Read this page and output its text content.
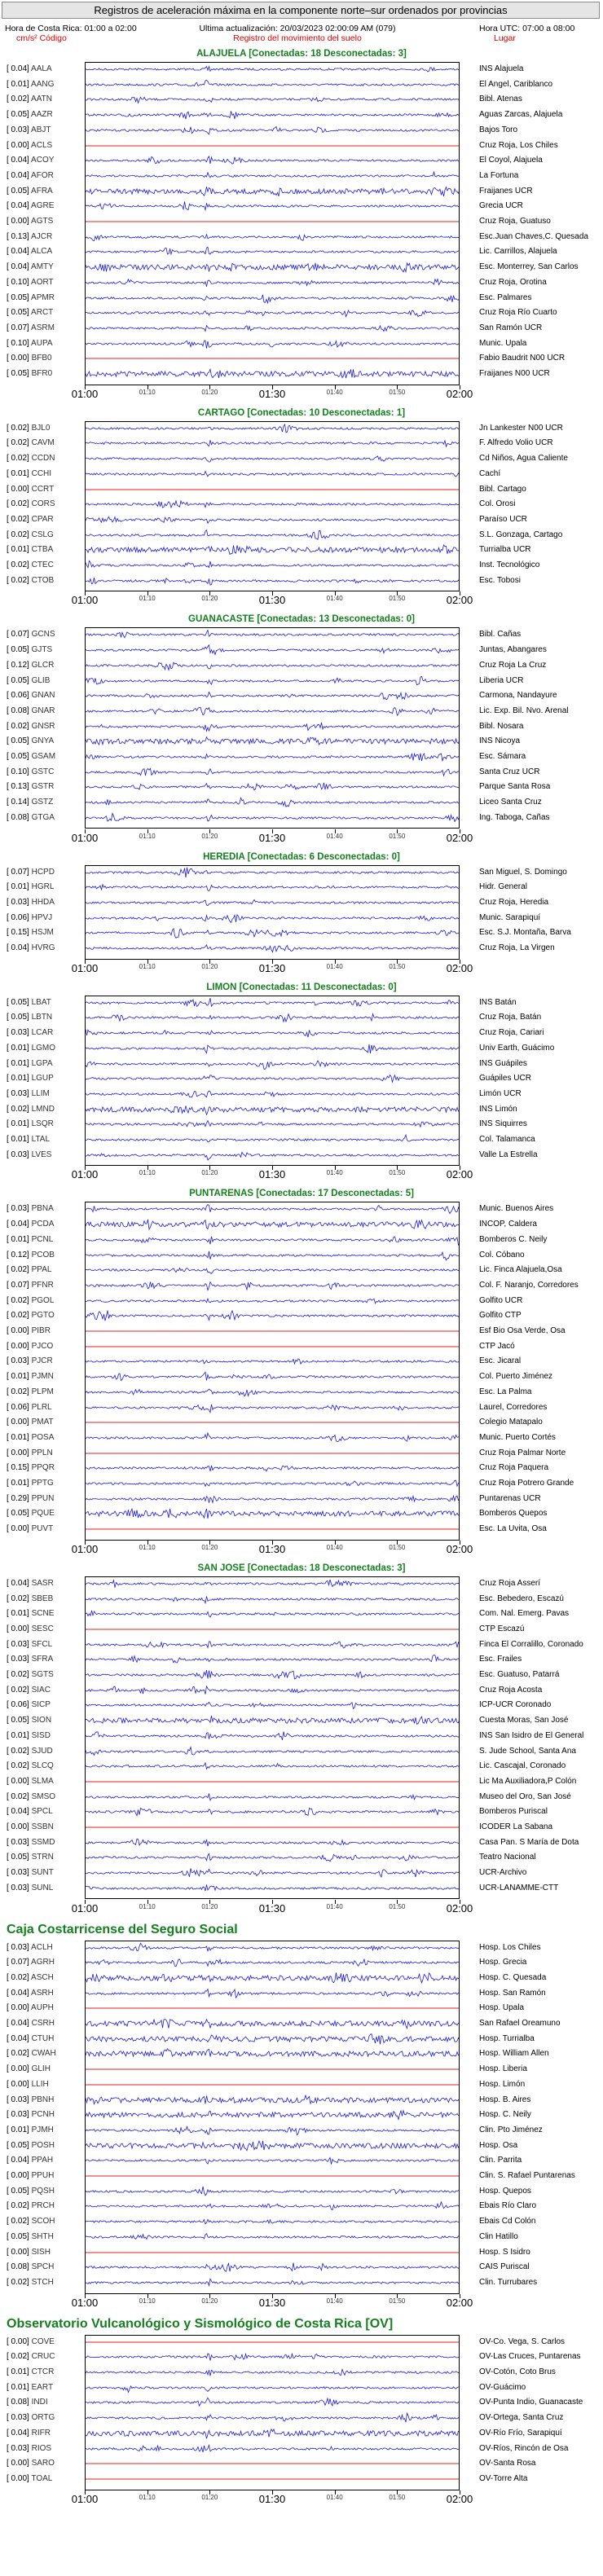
Registros de aceleración máxima en la componente norte–sur ordenados por provincias
Hora de Costa Rica: 01:00 a 02:00	Ultima actualización: 20/03/2023 02:00:09 AM (079)	Hora UTC: 07:00 a 08:00
cm/s² Código	Registro del movimiento del suelo	Lugar
ALAJUELA [Conectadas: 18 Desconectadas: 3]
[ 0.04] AALA	INS Alajuela
[ 0.01] AANG	El Angel, Cariblanco
[ 0.02] AATN	Bibl. Atenas
[ 0.05] AAZR	Aguas Zarcas, Alajuela
[ 0.03] ABJT	Bajos Toro
[ 0.00] ACLS	Cruz Roja, Los Chiles
[ 0.04] ACOY	El Coyol, Alajuela
[ 0.04] AFOR	La Fortuna
[ 0.05] AFRA	Fraijanes UCR
[ 0.04] AGRE	Grecia UCR
[ 0.00] AGTS	Cruz Roja, Guatuso
[ 0.13] AJCR	Esc.Juan Chaves,C. Quesada
[ 0.04] ALCA	Lic. Carrillos, Alajuela
[ 0.04] AMTY	Esc. Monterrey, San Carlos
[ 0.10] AORT	Cruz Roja, Orotina
[ 0.05] APMR	Esc. Palmares
[ 0.05] ARCT	Cruz Roja Río Cuarto
[ 0.07] ASRM	San Ramón UCR
[ 0.10] AUPA	Munic. Upala
[ 0.00] BFB0	Fabio Baudrit N00 UCR
[ 0.05] BFR0	Fraijanes N00 UCR
01:00	01:30	02:00
01:10	01:20	01:40	01:50
CARTAGO [Conectadas: 10 Desconectadas: 1]
[ 0.02] BJL0	Jn Lankester N00 UCR
[ 0.02] CAVM	F. Alfredo Volio UCR
[ 0.02] CCDN	Cd Niños, Agua Caliente
[ 0.01] CCHI	Cachí
[ 0.00] CCRT	Bibl. Cartago
[ 0.02] CORS	Col. Orosi
[ 0.02] CPAR	Paraíso UCR
[ 0.02] CSLG	S.L. Gonzaga, Cartago
[ 0.01] CTBA	Turrialba UCR
[ 0.02] CTEC	Inst. Tecnológico
[ 0.02] CTOB	Esc. Tobosi
01:00	01:30	02:00
01:10	01:20	01:40	01:50
GUANACASTE [Conectadas: 13 Desconectadas: 0]
[ 0.07] GCNS	Bibl. Cañas
[ 0.05] GJTS	Juntas, Abangares
[ 0.12] GLCR	Cruz Roja La Cruz
[ 0.05] GLIB	Liberia UCR
[ 0.06] GNAN	Carmona, Nandayure
[ 0.08] GNAR	Lic. Exp. Bil. Nvo. Arenal
[ 0.02] GNSR	Bibl. Nosara
[ 0.05] GNYA	INS Nicoya
[ 0.05] GSAM	Esc. Sámara
[ 0.10] GSTC	Santa Cruz UCR
[ 0.13] GSTR	Parque Santa Rosa
[ 0.14] GSTZ	Liceo Santa Cruz
[ 0.08] GTGA	Ing. Taboga, Cañas
01:00	01:30	02:00
01:10	01:20	01:40	01:50
HEREDIA [Conectadas: 6 Desconectadas: 0]
[ 0.07] HCPD	San Miguel, S. Domingo
[ 0.01] HGRL	Hidr. General
[ 0.03] HHDA	Cruz Roja, Heredia
[ 0.06] HPVJ	Munic. Sarapiquí
[ 0.15] HSJM	Esc. S.J. Montaña, Barva
[ 0.04] HVRG	Cruz Roja, La Virgen
01:00	01:30	02:00
01:10	01:20	01:40	01:50
LIMON [Conectadas: 11 Desconectadas: 0]
[ 0.05] LBAT	INS Batán
[ 0.05] LBTN	Cruz Roja, Batán
[ 0.03] LCAR	Cruz Roja, Cariari
[ 0.01] LGMO	Univ Earth, Guácimo
[ 0.01] LGPA	INS Guápiles
[ 0.01] LGUP	Guápiles UCR
[ 0.03] LLIM	Limón UCR
[ 0.02] LMND	INS Limón
[ 0.01] LSQR	INS Siquirres
[ 0.01] LTAL	Col. Talamanca
[ 0.03] LVES	Valle La Estrella
01:00	01:30	02:00
01:10	01:20	01:40	01:50
PUNTARENAS [Conectadas: 17 Desconectadas: 5]
[ 0.03] PBNA	Munic. Buenos Aires
[ 0.04] PCDA	INCOP, Caldera
[ 0.01] PCNL	Bomberos C. Neily
[ 0.12] PCOB	Col. Cóbano
[ 0.02] PPAL	Lic. Finca Alajuela,Osa
[ 0.07] PFNR	Col. F. Naranjo, Corredores
[ 0.02] PGOL	Golfito UCR
[ 0.02] PGTO	Golfito CTP
[ 0.00] PIBR	Esf Bio Osa Verde, Osa
[ 0.00] PJCO	CTP Jacó
[ 0.03] PJCR	Esc. Jicaral
[ 0.01] PJMN	Col. Puerto Jiménez
[ 0.02] PLPM	Esc. La Palma
[ 0.06] PLRL	Laurel, Corredores
[ 0.00] PMAT	Colegio Matapalo
[ 0.01] POSA	Munic. Puerto Cortés
[ 0.00] PPLN	Cruz Roja Palmar Norte
[ 0.15] PPQR	Cruz Roja Paquera
[ 0.01] PPTG	Cruz Roja Potrero Grande
[ 0.29] PPUN	Puntarenas UCR
[ 0.05] PQUE	Bomberos Quepos
[ 0.00] PUVT	Esc. La Uvita, Osa
01:00	01:30	02:00
01:10	01:20	01:40	01:50
SAN JOSE [Conectadas: 18 Desconectadas: 3]
[ 0.04] SASR	Cruz Roja Asserí
[ 0.02] SBEB	Esc. Bebedero, Escazú
[ 0.01] SCNE	Com. Nal. Emerg. Pavas
[ 0.00] SESC	CTP Escazú
[ 0.03] SFCL	Finca El Corralillo, Coronado
[ 0.03] SFRA	Esc. Frailes
[ 0.02] SGTS	Esc. Guatuso, Patarrá
[ 0.02] SIAC	Cruz Roja Acosta
[ 0.06] SICP	ICP-UCR Coronado
[ 0.05] SION	Cuesta Moras, San José
[ 0.01] SISD	INS San Isidro de El General
[ 0.02] SJUD	S. Jude School, Santa Ana
[ 0.02] SLCQ	Lic. Cascajal, Coronado
[ 0.00] SLMA	Lic Ma Auxiliadora,P Colón
[ 0.02] SMSO	Museo del Oro, San José
[ 0.04] SPCL	Bomberos Puriscal
[ 0.00] SSBN	ICODER La Sabana
[ 0.03] SSMD	Casa Pan. S María de Dota
[ 0.05] STRN	Teatro Nacional
[ 0.03] SUNT	UCR-Archivo
[ 0.03] SUNL	UCR-LANAMME-CTT
01:00	01:30	02:00
01:10	01:20	01:40	01:50
Caja Costarricense del Seguro Social
[ 0.03] ACLH	Hosp. Los Chiles
[ 0.07] AGRH	Hosp. Grecia
[ 0.02] ASCH	Hosp. C. Quesada
[ 0.04] ASRH	Hosp. San Ramón
[ 0.00] AUPH	Hosp. Upala
[ 0.04] CSRH	San Rafael Oreamuno
[ 0.04] CTUH	Hosp. Turrialba
[ 0.02] CWAH	Hosp. William Allen
[ 0.00] GLIH	Hosp. Liberia
[ 0.00] LLIH	Hosp. Limón
[ 0.03] PBNH	Hosp. B. Aires
[ 0.03] PCNH	Hosp. C. Neily
[ 0.01] PJMH	Clin. Pto Jiménez
[ 0.05] POSH	Hosp. Osa
[ 0.04] PPAH	Clin. Parrita
[ 0.00] PPUH	Clin. S. Rafael Puntarenas
[ 0.05] PQSH	Hosp. Quepos
[ 0.02] PRCH	Ebais Río Claro
[ 0.02] SCOH	Ebais Cd Colón
[ 0.05] SHTH	Clin Hatillo
[ 0.00] SISH	Hosp. S Isidro
[ 0.08] SPCH	CAIS Puriscal
[ 0.02] STCH	Clin. Turrubares
01:00	01:30	02:00
01:10	01:20	01:40	01:50
Observatorio Vulcanológico y Sismológico de Costa Rica [OV]
[ 0.00] COVE	OV-Co. Vega, S. Carlos
[ 0.02] CRUC	OV-Las Cruces, Puntarenas
[ 0.01] CTCR	OV-Cotón, Coto Brus
[ 0.01] EART	OV-Guácimo
[ 0.08] INDI	OV-Punta Indio, Guanacaste
[ 0.03] ORTG	OV-Ortega, Santa Cruz
[ 0.04] RIFR	OV-Río Frío, Sarapiquí
[ 0.03] RIOS	OV-Ríos, Rincón de Osa
[ 0.00] SARO	OV-Santa Rosa
[ 0.00] TOAL	OV-Torre Alta
01:00	01:30	02:00
01:10	01:20	01:40	01:50
